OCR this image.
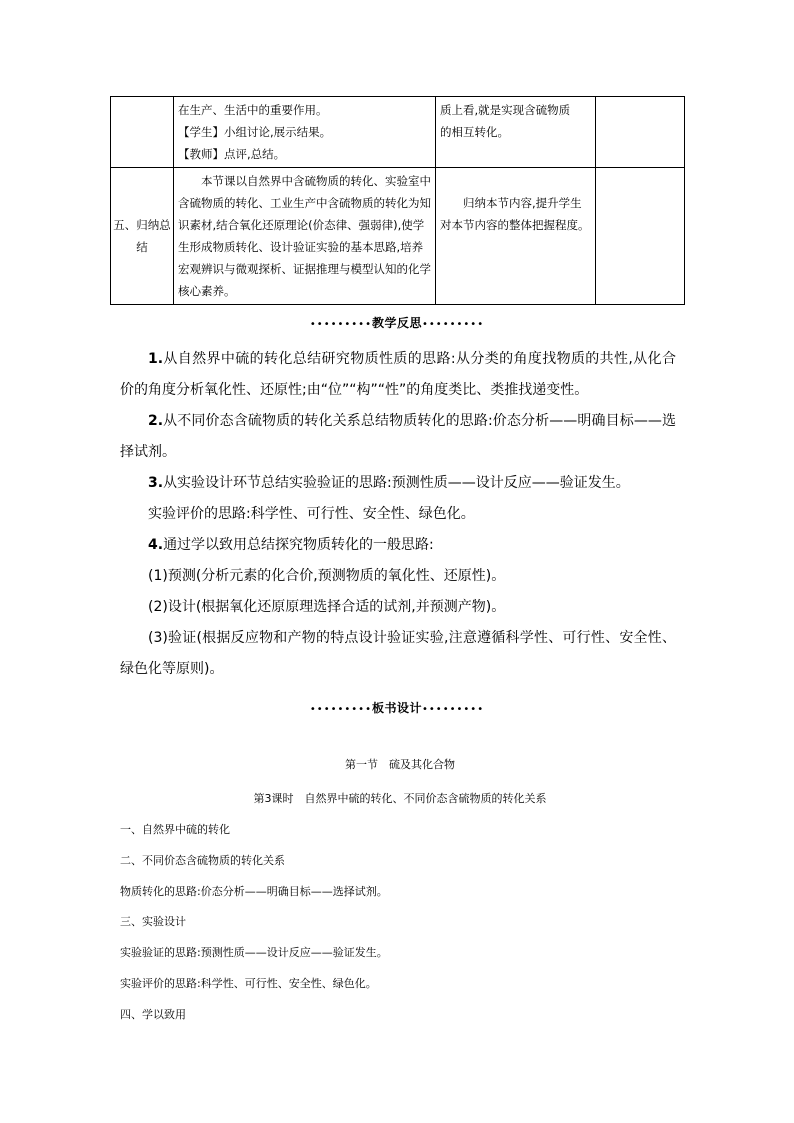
	在生产、生活中的重要作用。
【学生】小组讨论,展示结果。
【教师】点评,总结。	质上看,就是实现含硫物质
的相互转化。	

五、归纳总结	本节课以自然界中含硫物质的转化、实验室中含硫物质的转化、工业生产中含硫物质的转化为知识素材,结合氧化还原理论(价态律、强弱律),使学生形成物质转化、设计验证实验的基本思路,培养宏观辨识与微观探析、证据推理与模型认知的化学核心素养。	归纳本节内容,提升学生对本节内容的整体把握程度。	

•••••••••教学反思•••••••••

1.从自然界中硫的转化总结研究物质性质的思路:从分类的角度找物质的共性,从化合价的角度分析氧化性、还原性;由“位”“构”“性”的角度类比、类推找递变性。

2.从不同价态含硫物质的转化关系总结物质转化的思路:价态分析——明确目标——选择试剂。

3.从实验设计环节总结实验验证的思路:预测性质——设计反应——验证发生。

实验评价的思路:科学性、可行性、安全性、绿色化。

4.通过学以致用总结探究物质转化的一般思路:

(1)预测(分析元素的化合价,预测物质的氧化性、还原性)。

(2)设计(根据氧化还原原理选择合适的试剂,并预测产物)。

(3)验证(根据反应物和产物的特点设计验证实验,注意遵循科学性、可行性、安全性、绿色化等原则)。

•••••••••板书设计•••••••••
第一节　硫及其化合物
第3课时　自然界中硫的转化、不同价态含硫物质的转化关系
一、自然界中硫的转化
二、不同价态含硫物质的转化关系
物质转化的思路:价态分析——明确目标——选择试剂。
三、实验设计
实验验证的思路:预测性质——设计反应——验证发生。
实验评价的思路:科学性、可行性、安全性、绿色化。
四、学以致用
